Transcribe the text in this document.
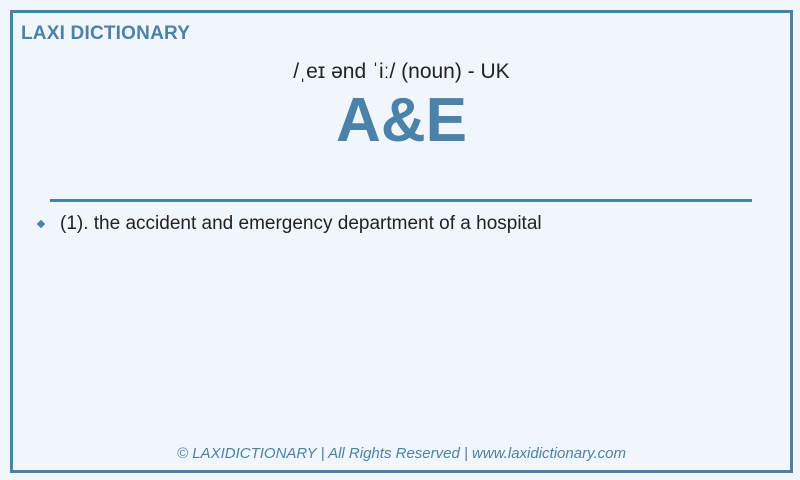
LAXI DICTIONARY
/ˌeɪ ənd ˈiː/ (noun) - UK
A&E
(1). the accident and emergency department of a hospital
© LAXIDICTIONARY | All Rights Reserved | www.laxidictionary.com
